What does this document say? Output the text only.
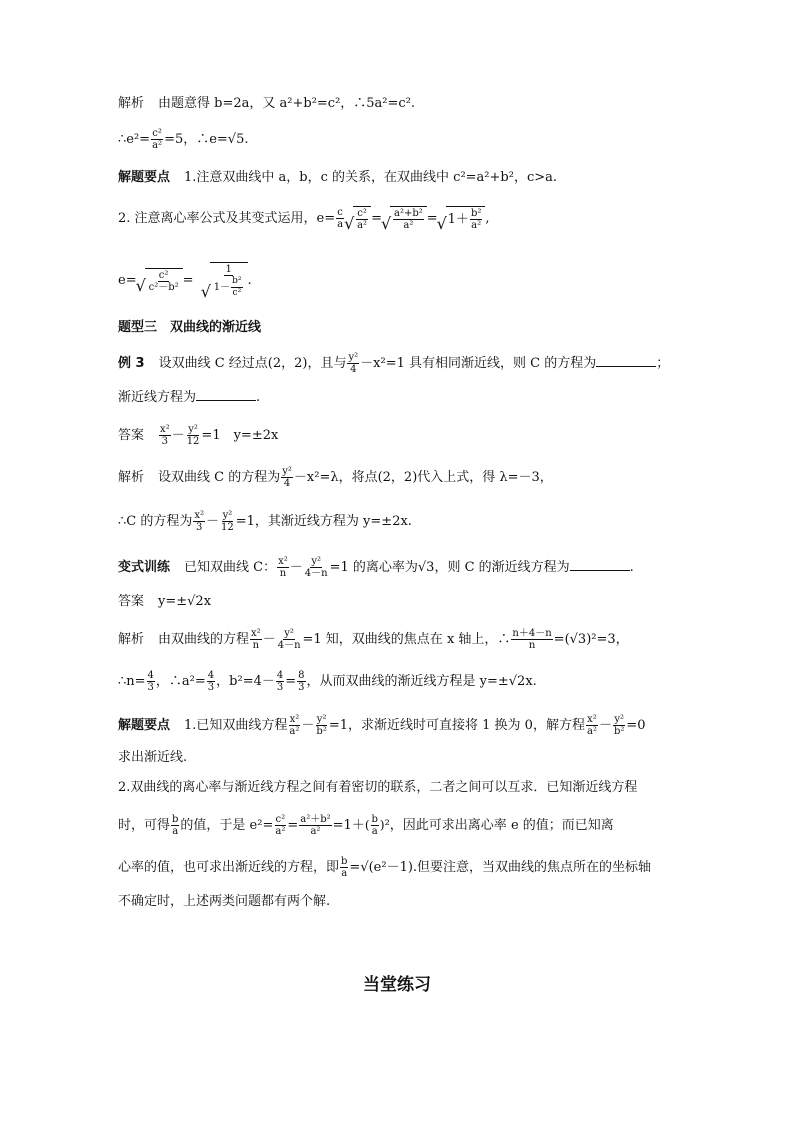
解析 由题意得 b=2a，又 a²+b²=c²，∴5a²=c².
∴e²= $\frac{\text{c²}}{\text{a²}} =5$，∴e=√5.
解题要点 1.注意双曲线中 a，b，c 的关系，在双曲线中 c²=a²+b²，c>a.
2. 注意离心率公式及其变式运用，$e= \frac{c}{a}$ √ $\frac{\text{c²}}{\text{a²}}$ = √ $\frac{\text{a²+b²}}{\text{a²}}$ = √ $1+ \frac{\text{b²}}{\text{a²}}$ ,
e= √ $\frac{\text{c²}}{\text{c²－b²}}$ = √ $\frac{1}{1- \frac{\text{b²}}{\text{c²}}}$ .
题型三　双曲线的渐近线
例 3 设双曲线 C 经过点(2，2)，且与 $\frac{\text{y²}}{4} -x^2=1$ 具有相同渐近线，则 C 的方程为	；
渐近线方程为	.
答案 $\frac{\text{x²}}{3} - \frac{\text{y²}}{12} =1$　y=±2x
解析 设双曲线 C 的方程为 $\frac{\text{y²}}{4} -x^2=\lambda$，将点(2，2)代入上式，得 λ=－3，
∴C 的方程为 $\frac{\text{x²}}{3} - \frac{\text{y²}}{12} =1$，其渐近线方程为 y=±2x.
变式训练 已知双曲线 C： $\frac{\text{x²}}{n} - \frac{\text{y²}}{4-n} =1$ 的离心率为√3，则 C 的渐近线方程为	.
答案 y=±√2x
解析 由双曲线的方程 $\frac{\text{x²}}{n} - \frac{\text{y²}}{4-n} =1$ 知，双曲线的焦点在 x 轴上，∴ $\frac{n+4-n}{n} =(√3)^2=3$，
∴n= $\frac{4}{3}$ ，∴a²= $\frac{4}{3}$ ，$b^2=4- \frac{4}{3} = \frac{8}{3}$ ，从而双曲线的渐近线方程是 y=±√2x.
解题要点 1.已知双曲线方程 $\frac{\text{x²}}{\text{a²}} - \frac{\text{y²}}{\text{b²}} =1$，求渐近线时可直接将 1 换为 0，解方程 $\frac{\text{x²}}{\text{a²}} - \frac{\text{y²}}{\text{b²}} =0$
求出渐近线.
2.双曲线的离心率与渐近线方程之间有着密切的联系，二者之间可以互求．已知渐近线方程
时，可得 $\frac{b}{a}$ 的值，于是 $e^2= \frac{\text{c²}}{\text{a²}} = \frac{\text{a²＋b²}}{\text{a²}} =1+( \frac{b}{a} )^2$，因此可求出离心率 e 的值；而已知离
心率的值，也可求出渐近线的方程，即 $\frac{b}{a} =√(e^2-1)$.但要注意，当双曲线的焦点所在的坐标轴
不确定时，上述两类问题都有两个解.
当堂练习
